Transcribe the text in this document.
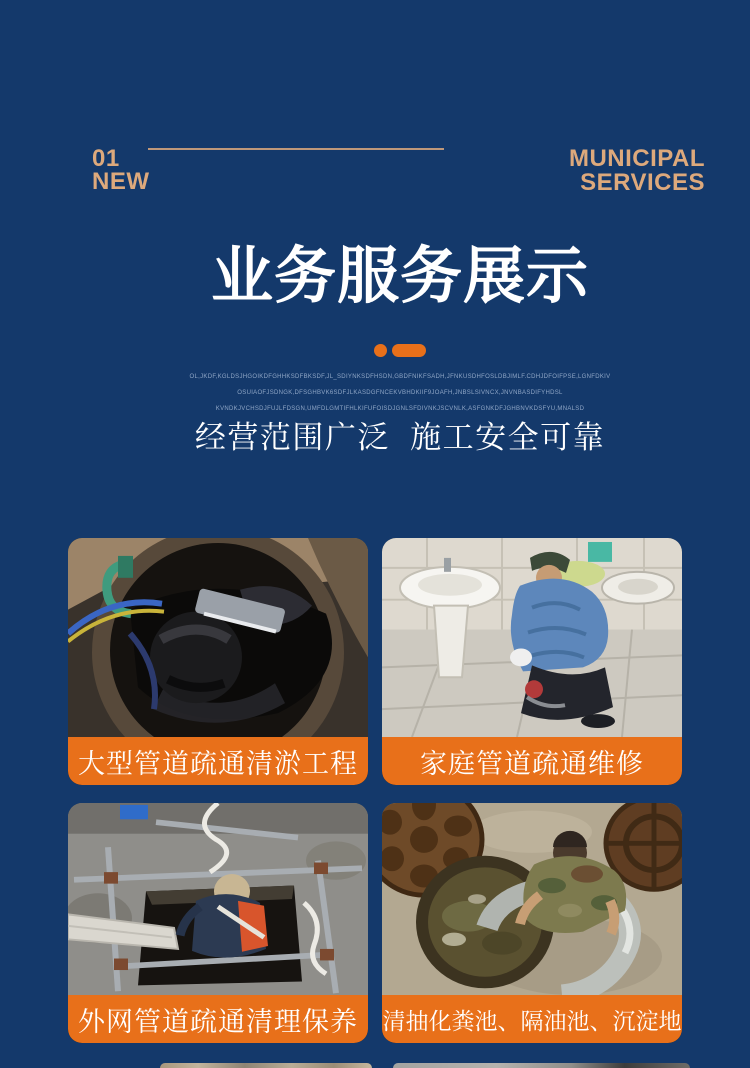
01
NEW
MUNICIPAL
SERVICES
业务服务展示

OL,JKDF,KGLDSJHGOIKDFGHHKSDFBKSDF,JL_SDIYNKSDFHSDN,GBDFNIKFSADH,JFNKUSDHFOSLDBJIMLF.CDHJDFOIFPSE,LGNFDKIV

OSUIAOFJSDNGK,DFSGHBVK6SDFJLKASDGFNCEKVBHDKIIF9JOAFH,JNBSLSIVNCX,JNVNBASDIFYHDSL

KVNDKJVCHSDJFUJLFDSGN,UMFDLGMTIFHLKIFUFOISDJGNLSFDIVNKJSCVNLK,ASFGNKDFJGHBNVKDSFYU,MNALSD

经营范围广泛  施工安全可靠

大型管道疏通清淤工程	家庭管道疏通维修
外网管道疏通清理保养	清抽化粪池、隔油池、沉淀地
